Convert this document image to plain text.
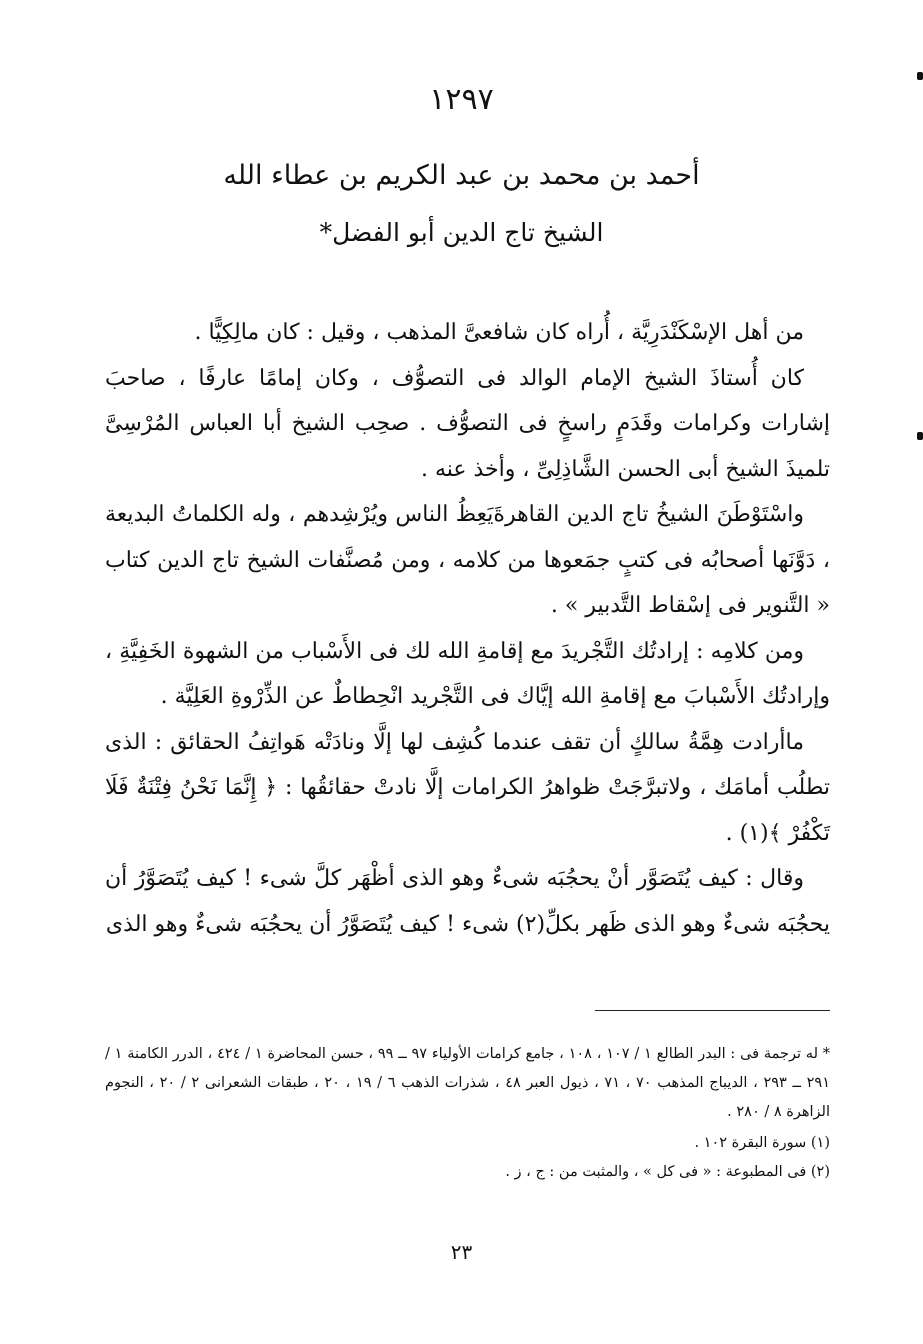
١٢٩٧
أحمد بن محمد بن عبد الكريم بن عطاء الله
الشيخ تاج الدين أبو الفضل*

من أهل الإسْكَنْدَرِيَّة ، أُراه كان شافعىَّ المذهب ، وقيل : كان مالِكِيًّا .

كان أُستاذَ الشيخ الإمام الوالد فى التصوُّف ، وكان إمامًا عارفًا ، صاحبَ إشارات وكرامات وقَدَمٍ راسخٍ فى التصوُّف . صحِب الشيخ أبا العباس المُرْسِىَّ تلميذَ الشيخ أبى الحسن الشَّاذِلِىِّ ، وأخذ عنه .

واسْتَوْطَنَ الشيخُ تاج الدين القاهرةَيَعِظُ الناس ويُرْشِدهم ، وله الكلماتُ البديعة ، دَوَّنَها أصحابُه فى كتبٍ جمَعوها من كلامه ، ومن مُصنَّفات الشيخ تاج الدين كتاب « التَّنوير فى إسْقاط التَّدبير » .

ومن كلامِه : إرادتُك التَّجْريدَ مع إقامةِ الله لك فى الأَسْباب من الشهوة الخَفِيَّةِ ، وإرادتُك الأَسْبابَ مع إقامةِ الله إيَّاك فى التَّجْريد انْحِطاطٌ عن الذِّرْوةِ العَلِيَّة .

ماأرادت هِمَّةُ سالكٍ أن تقف عندما كُشِف لها إلَّا ونادَتْه هَواتِفُ الحقائق : الذى تطلُب أمامَك ، ولاتبرَّجَتْ ظواهرُ الكرامات إلَّا نادتْ حقائقُها : ﴿ إِنَّمَا نَحْنُ فِتْنَةٌ فَلَا تَكْفُرْ ﴾(١) .

وقال : كيف يُتَصَوَّر أنْ يحجُبَه شىءٌ وهو الذى أظْهَر كلَّ شىء ! كيف يُتَصَوَّرُ أن يحجُبَه شىءٌ وهو الذى ظَهر بكلِّ(٢) شىء ! كيف يُتَصَوَّرُ أن يحجُبَه شىءٌ وهو الذى

* له ترجمة فى : البدر الطالع ١ / ١٠٧ ، ١٠٨ ، جامع كرامات الأولياء ٩٧ ــ ٩٩ ، حسن المحاضرة ١ / ٤٢٤ ، الدرر الكامنة ١ / ٢٩١ ــ ٢٩٣ ، الديباج المذهب ٧٠ ، ٧١ ، ذيول العبر ٤٨ ، شذرات الذهب ٦ / ١٩ ، ٢٠ ، طبقات الشعرانى ٢ / ٢٠ ، النجوم الزاهرة ٨ / ٢٨٠ .

(١) سورة البقرة ١٠٢ .

(٢) فى المطبوعة : « فى كل » ، والمثبت من : ج ، ز .

٢٣
